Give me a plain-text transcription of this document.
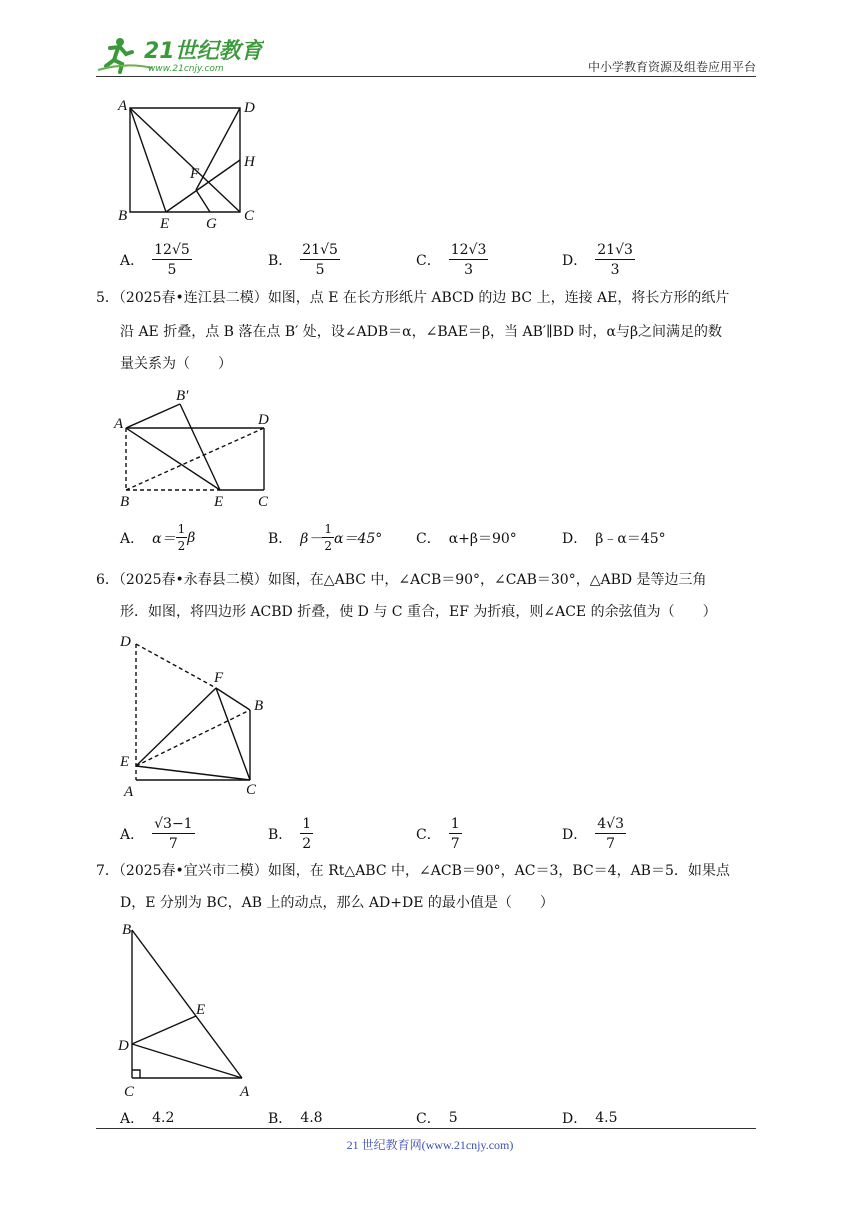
21世纪教育
www.21cnjy.com	中小学教育资源及组卷应用平台
A	D
B	C
E
F
G
H
A． $\frac{12√5}{5}$	B． $\frac{21√5}{5}$	C． $\frac{12√3}{3}$	D． $\frac{21√3}{3}$
5．（2025春•连江县二模）如图，点 E 在长方形纸片 ABCD 的边 BC 上，连接 AE，将长方形的纸片
沿 AE 折叠，点 B 落在点 B′ 处，设∠ADB＝α，∠BAE＝β，当 AB′∥BD 时，α与β之间满足的数
量关系为（　　）
A
B′
D
B	E C
A． $\alpha= \frac{1}{2}$ β	B． $\beta- \frac{1}{2} \alpha=45^\circ$ C． α+β＝90°	D． β﹣α＝45°
6．（2025春•永春县二模）如图，在△ABC 中，∠ACB＝90°，∠CAB＝30°，△ABD 是等边三角
形．如图，将四边形 ACBD 折叠，使 D 与 C 重合，EF 为折痕，则∠ACE 的余弦值为（　　）
D
F
B
E
A	C
A． $\frac{√3-1}{7}$	B． $\frac{1}{2}$	C． $\frac{1}{7}$	D． $\frac{4√3}{7}$
7．（2025春•宜兴市二模）如图，在 Rt△ABC 中，∠ACB＝90°，AC＝3，BC＝4，AB＝5．如果点
D，E 分别为 BC，AB 上的动点，那么 AD+DE 的最小值是（　　）
B
E
D
C	A
A． 4.2	B． 4.8	C． 5	D． 4.5
21 世纪教育网(www.21cnjy.com)
